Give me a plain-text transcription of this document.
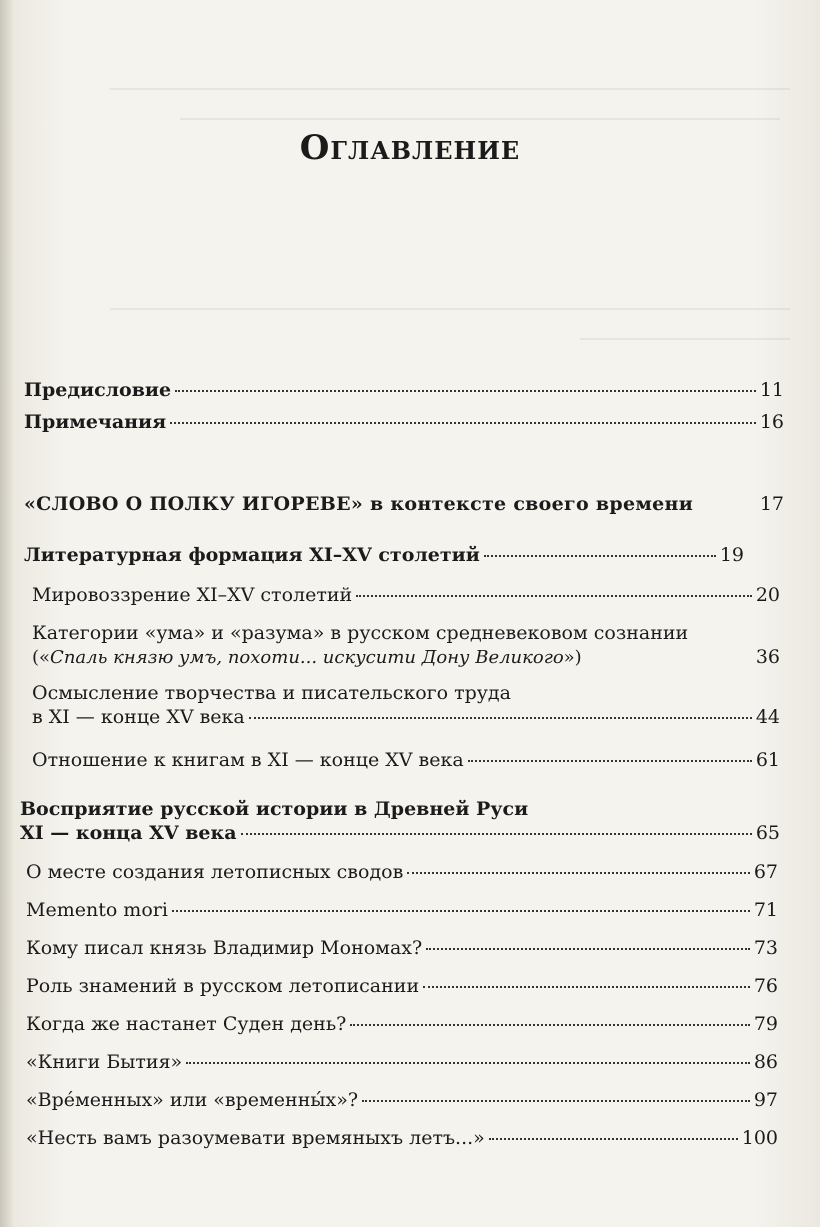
Оглавление
Предисловие	11
Примечания	16
«СЛОВО О ПОЛКУ ИГОРЕВЕ» в контексте своего времени	17
Литературная формация XI–XV столетий	19
Мировоззрение XI–XV столетий	20
Категории «ума» и «разума» в русском средневековом сознании
(« Спаль князю умъ, похоти... искусити Дону Великого »)	36
Осмысление творчества и писательского труда
в XI — конце XV века	44
Отношение к книгам в XI — конце XV века	61
Восприятие русской истории в Древней Руси
XI — конца XV века	65
О месте создания летописных сводов	67
Memento mori	71
Кому писал князь Владимир Мономах?	73
Роль знамений в русском летописании	76
Когда же настанет Суден день?	79
«Книги Бытия»	86
«Вре́менных» или «временны́х»?	97
«Несть вамъ разоумевати времяныхъ летъ...»	100
